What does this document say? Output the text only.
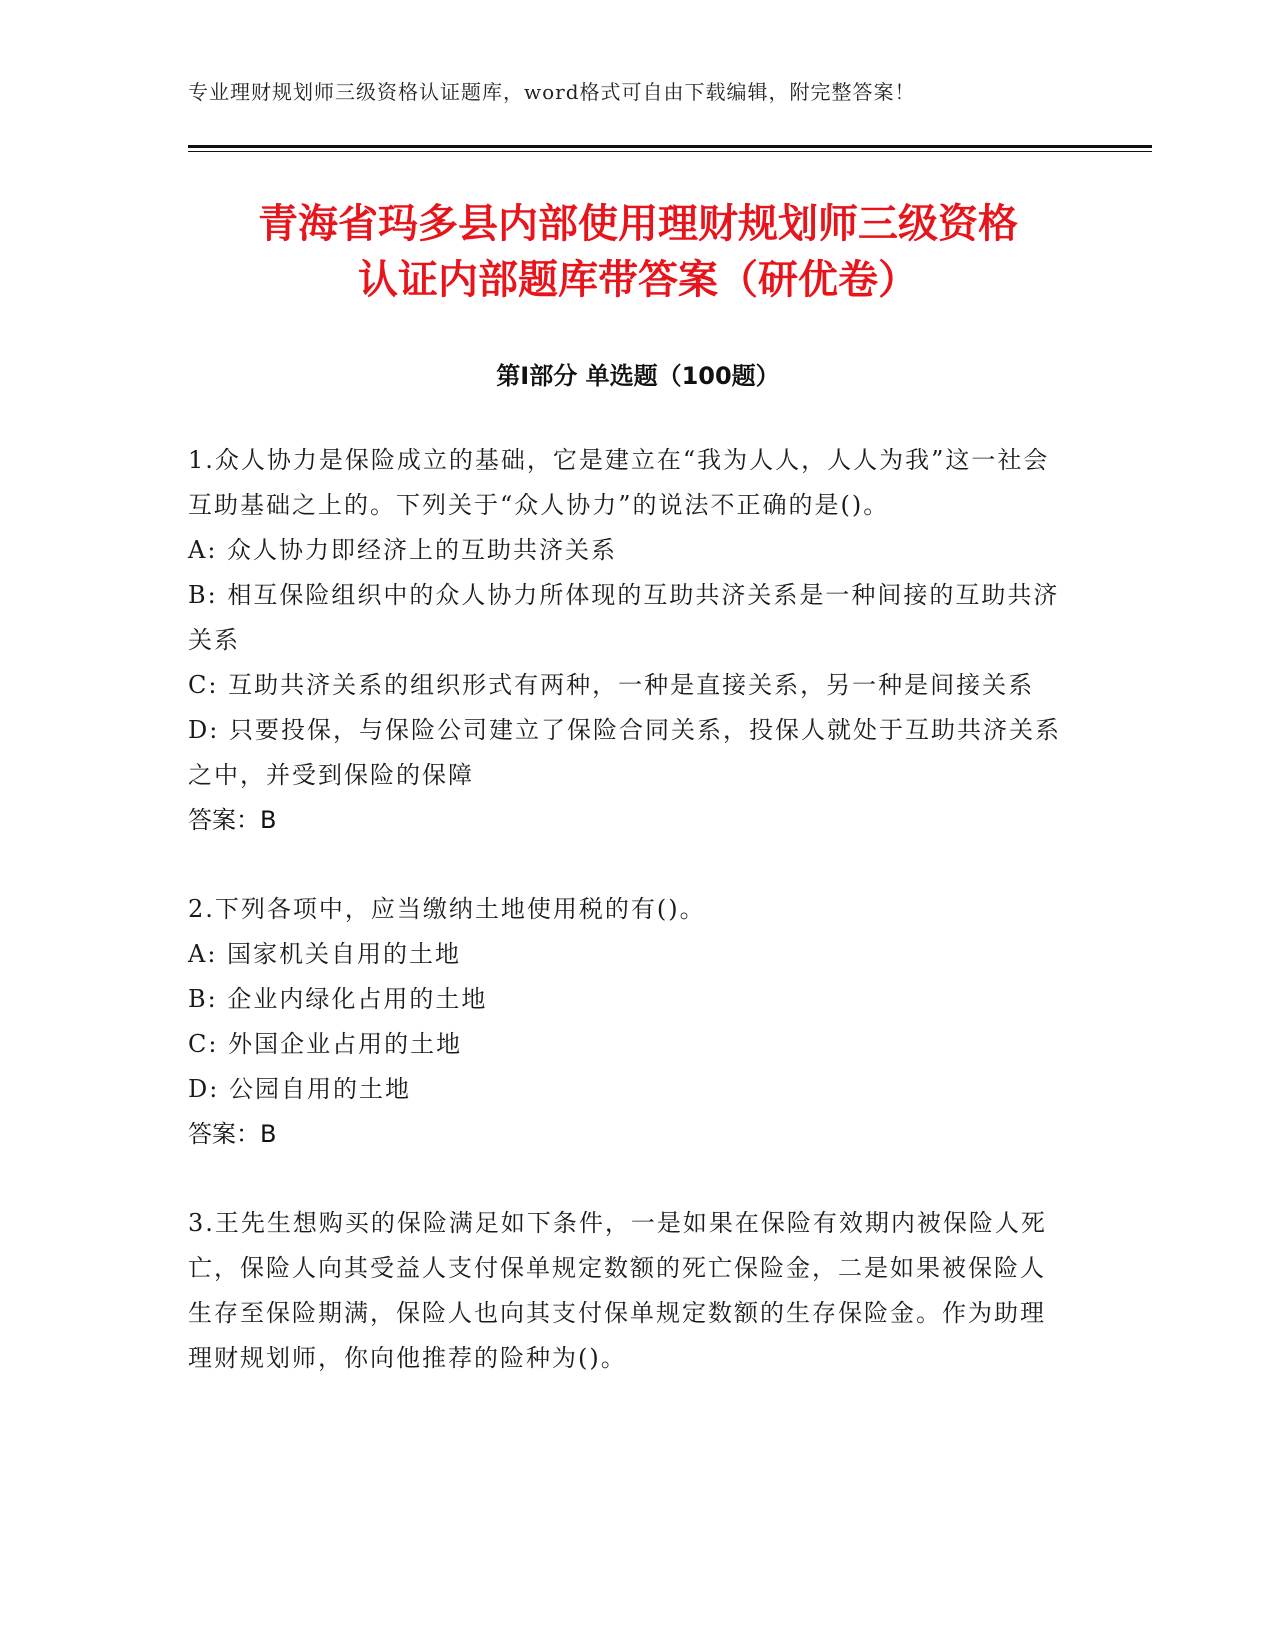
专业理财规划师三级资格认证题库，word格式可自由下载编辑，附完整答案！
青海省玛多县内部使用理财规划师三级资格
认证内部题库带答案（研优卷）
第Ⅰ部分 单选题（100题）

1.众人协力是保险成立的基础，它是建立在“我为人人，人人为我”这一社会互助基础之上的。下列关于“众人协力”的说法不正确的是()。

A: 众人协力即经济上的互助共济关系

B: 相互保险组织中的众人协力所体现的互助共济关系是一种间接的互助共济关系

C: 互助共济关系的组织形式有两种，一种是直接关系，另一种是间接关系

D: 只要投保，与保险公司建立了保险合同关系，投保人就处于互助共济关系之中，并受到保险的保障

答案：B

2.下列各项中，应当缴纳土地使用税的有()。

A: 国家机关自用的土地

B: 企业内绿化占用的土地

C: 外国企业占用的土地

D: 公园自用的土地

答案：B

3.王先生想购买的保险满足如下条件，一是如果在保险有效期内被保险人死亡，保险人向其受益人支付保单规定数额的死亡保险金，二是如果被保险人生存至保险期满，保险人也向其支付保单规定数额的生存保险金。作为助理理财规划师，你向他推荐的险种为()。
